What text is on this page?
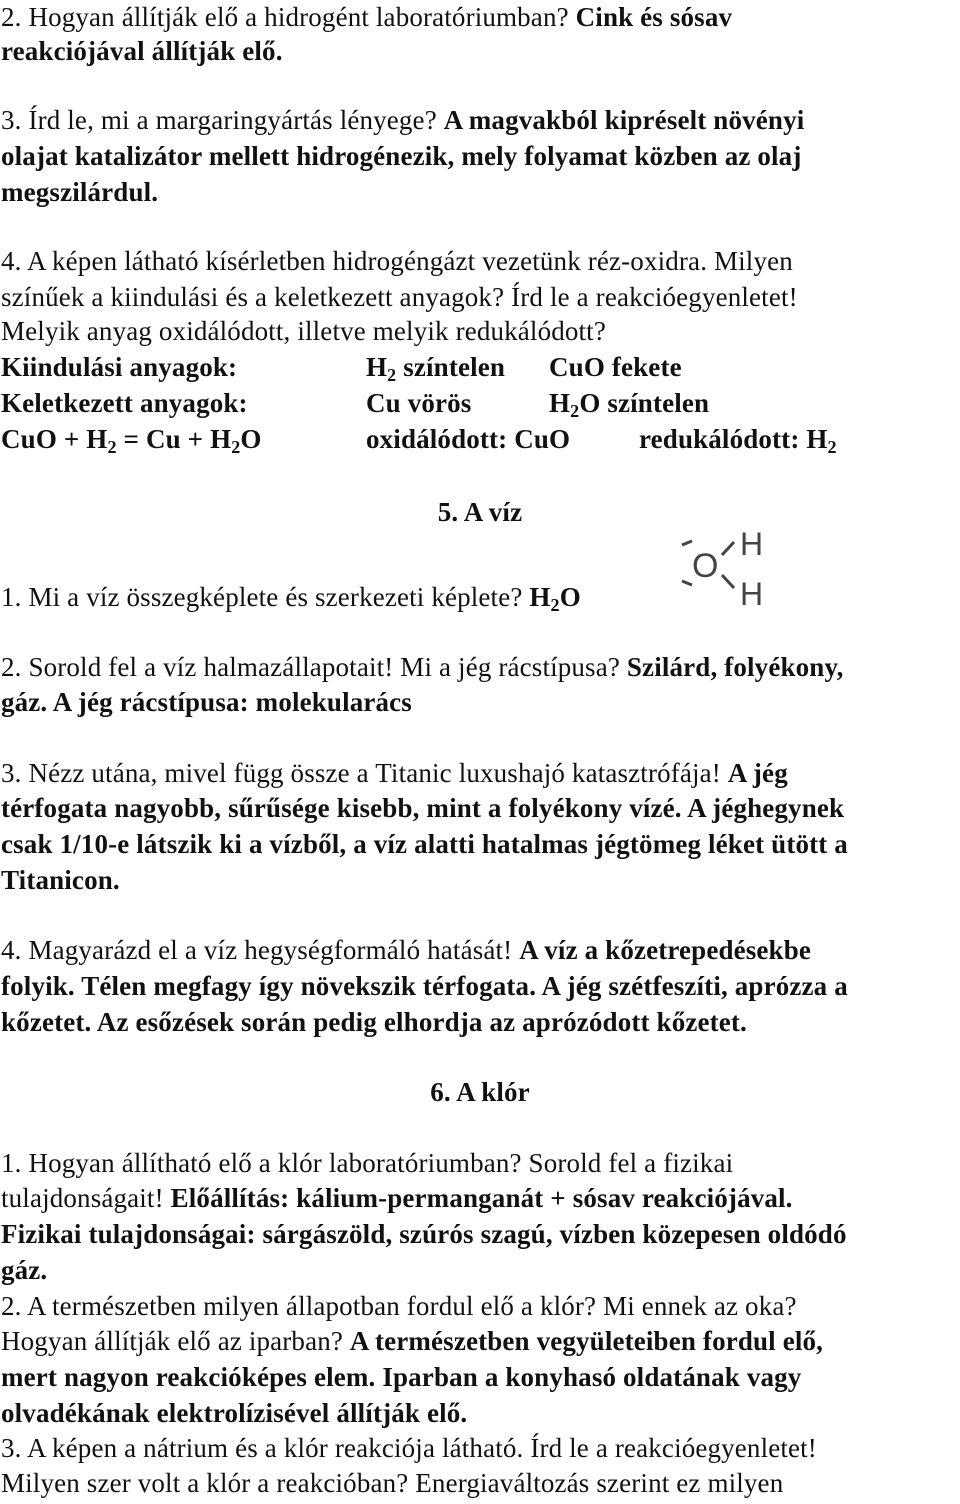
2. Hogyan állítják elő a hidrogént laboratóriumban? Cink és sósav
reakciójával állítják elő.
3. Írd le, mi a margaringyártás lényege? A magvakból kipréselt növényi
olajat katalizátor mellett hidrogénezik, mely folyamat közben az olaj
megszilárdul.
4. A képen látható kísérletben hidrogéngázt vezetünk réz-oxidra. Milyen
színűek a kiindulási és a keletkezett anyagok? Írd le a reakcióegyenletet!
Melyik anyag oxidálódott, illetve melyik redukálódott?
Kiindulási anyagok:	$H_2$ színtelen CuO fekete
Keletkezett anyagok:	Cu vörös	$H_2O$ színtelen
CuO + $H_2 = Cu + H_2O$	oxidálódott: CuO	redukálódott: $H_2$
5. A víz
O
H
H
1. Mi a víz összegképlete és szerkezeti képlete? $H_2O$
2. Sorold fel a víz halmazállapotait! Mi a jég rácstípusa? Szilárd, folyékony,
gáz. A jég rácstípusa: molekularács
3. Nézz utána, mivel függ össze a Titanic luxushajó katasztrófája! A jég
térfogata nagyobb, sűrűsége kisebb, mint a folyékony vízé. A jéghegynek
csak 1/10-e látszik ki a vízből, a víz alatti hatalmas jégtömeg léket ütött a
Titanicon.
4. Magyarázd el a víz hegységformáló hatását! A víz a kőzetrepedésekbe
folyik. Télen megfagy így növekszik térfogata. A jég szétfeszíti, aprózza a
kőzetet. Az esőzések során pedig elhordja az aprózódott kőzetet.
6. A klór
1. Hogyan állítható elő a klór laboratóriumban? Sorold fel a fizikai
tulajdonságait! Előállítás: kálium-permanganát + sósav reakciójával.
Fizikai tulajdonságai: sárgászöld, szúrós szagú, vízben közepesen oldódó
gáz.
2. A természetben milyen állapotban fordul elő a klór? Mi ennek az oka?
Hogyan állítják elő az iparban? A természetben vegyületeiben fordul elő,
mert nagyon reakcióképes elem. Iparban a konyhasó oldatának vagy
olvadékának elektrolízisével állítják elő.
3. A képen a nátrium és a klór reakciója látható. Írd le a reakcióegyenletet!
Milyen szer volt a klór a reakcióban? Energiaváltozás szerint ez milyen
